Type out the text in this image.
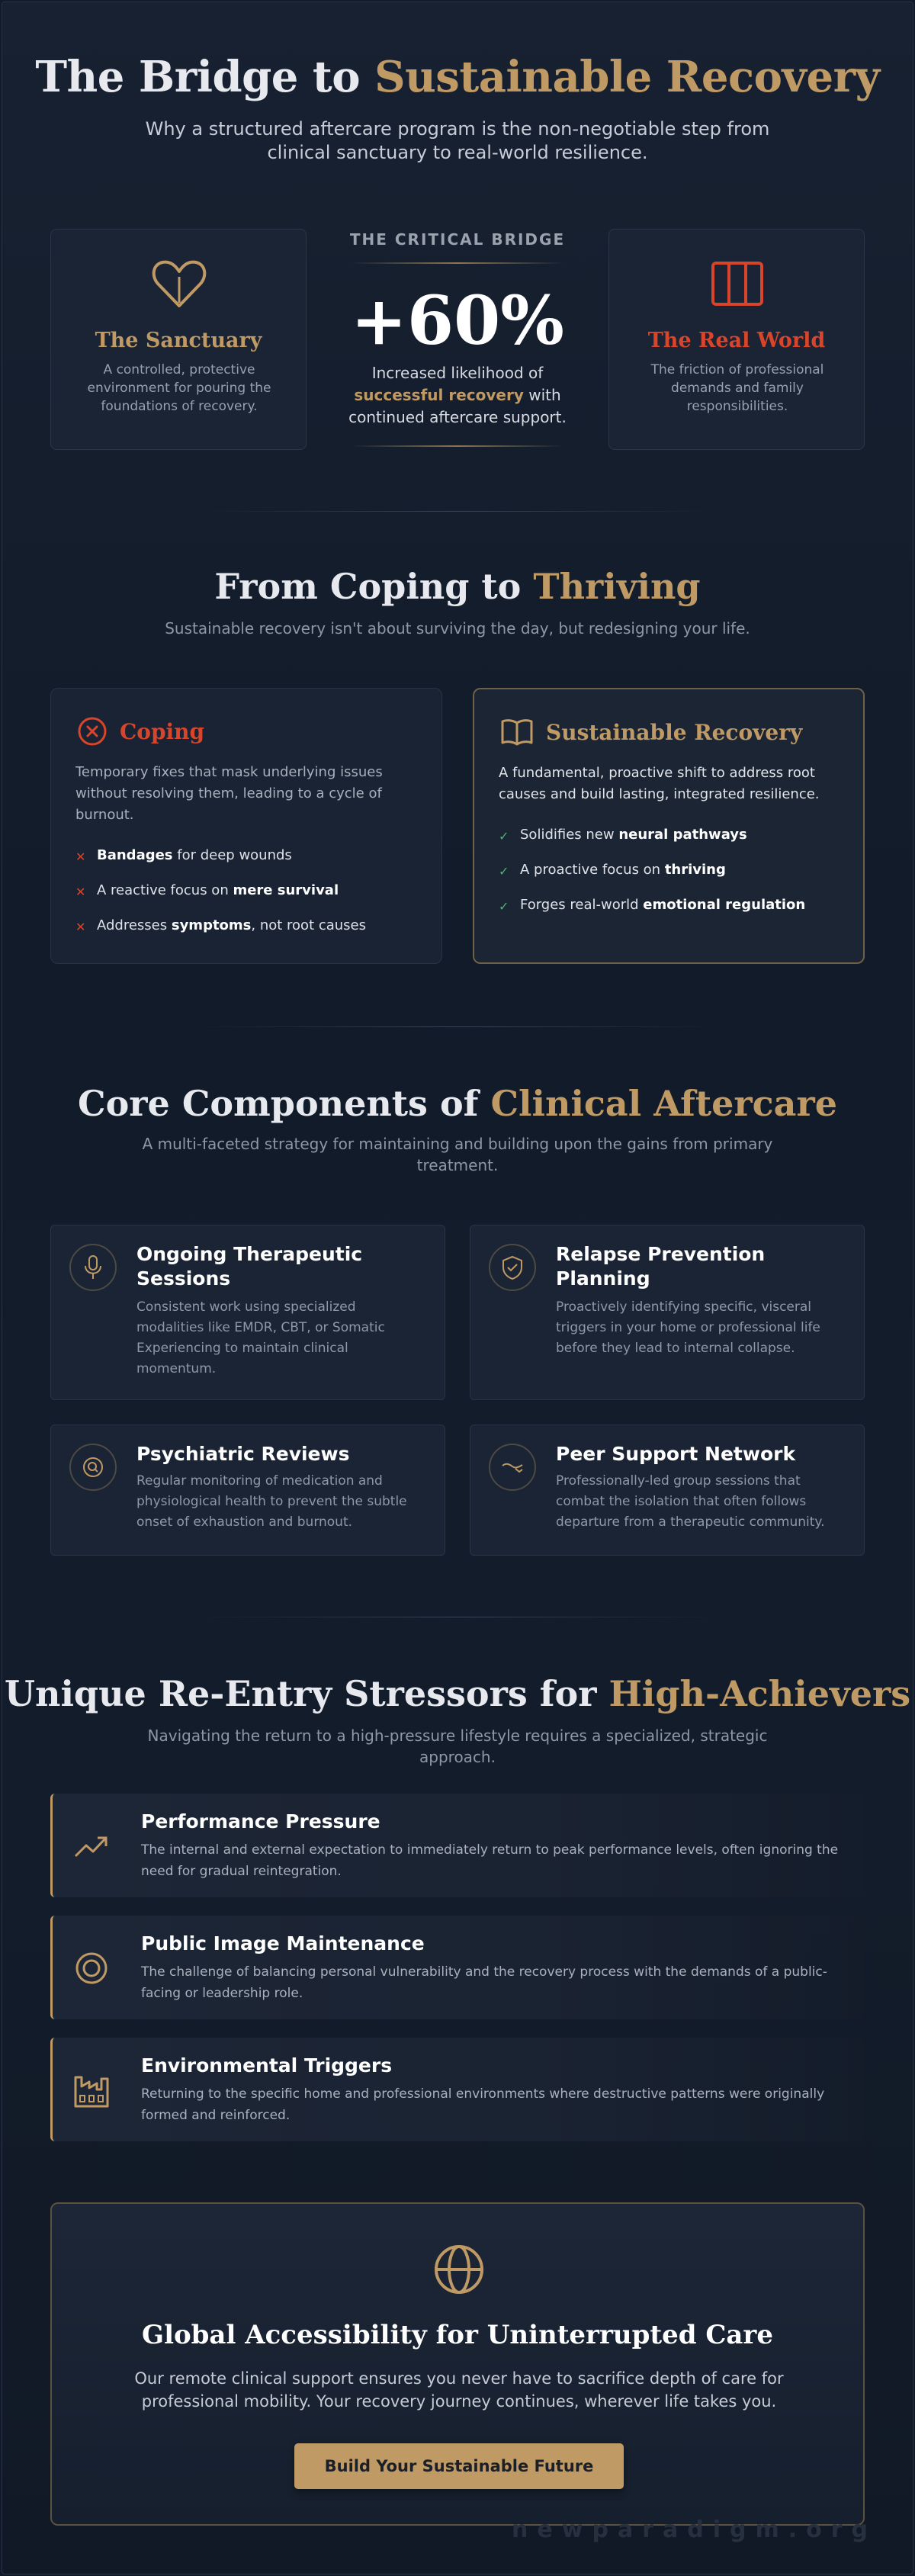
The Bridge to Sustainable Recovery
Why a structured aftercare program is the non-negotiable step from clinical sanctuary to real-world resilience.
The Sanctuary
A controlled, protective environment for pouring the foundations of recovery.
THE CRITICAL BRIDGE
+60%
Increased likelihood of successful recovery with continued aftercare support.
The Real World
The friction of professional demands and family responsibilities.
From Coping to Thriving
Sustainable recovery isn't about surviving the day, but redesigning your life.
Coping
Temporary fixes that mask underlying issues without resolving them, leading to a cycle of burnout.
✕ Bandages for deep wounds
✕ A reactive focus on mere survival
✕ Addresses symptoms, not root causes
Sustainable Recovery
A fundamental, proactive shift to address root causes and build lasting, integrated resilience.
✓ Solidifies new neural pathways
✓ A proactive focus on thriving
✓ Forges real-world emotional regulation
Core Components of Clinical Aftercare
A multi-faceted strategy for maintaining and building upon the gains from primary treatment.
Ongoing Therapeutic Sessions
Consistent work using specialized modalities like EMDR, CBT, or Somatic Experiencing to maintain clinical momentum.
Relapse Prevention Planning
Proactively identifying specific, visceral triggers in your home or professional life before they lead to internal collapse.
Psychiatric Reviews
Regular monitoring of medication and physiological health to prevent the subtle onset of exhaustion and burnout.
Peer Support Network
Professionally-led group sessions that combat the isolation that often follows departure from a therapeutic community.
Unique Re-Entry Stressors for High-Achievers
Navigating the return to a high-pressure lifestyle requires a specialized, strategic approach.
Performance Pressure
The internal and external expectation to immediately return to peak performance levels, often ignoring the need for gradual reintegration.
Public Image Maintenance
The challenge of balancing personal vulnerability and the recovery process with the demands of a public-facing or leadership role.
Environmental Triggers
Returning to the specific home and professional environments where destructive patterns were originally formed and reinforced.
Global Accessibility for Uninterrupted Care
Our remote clinical support ensures you never have to sacrifice depth of care for professional mobility. Your recovery journey continues, wherever life takes you.
Build Your Sustainable Future
newparadigm.org
